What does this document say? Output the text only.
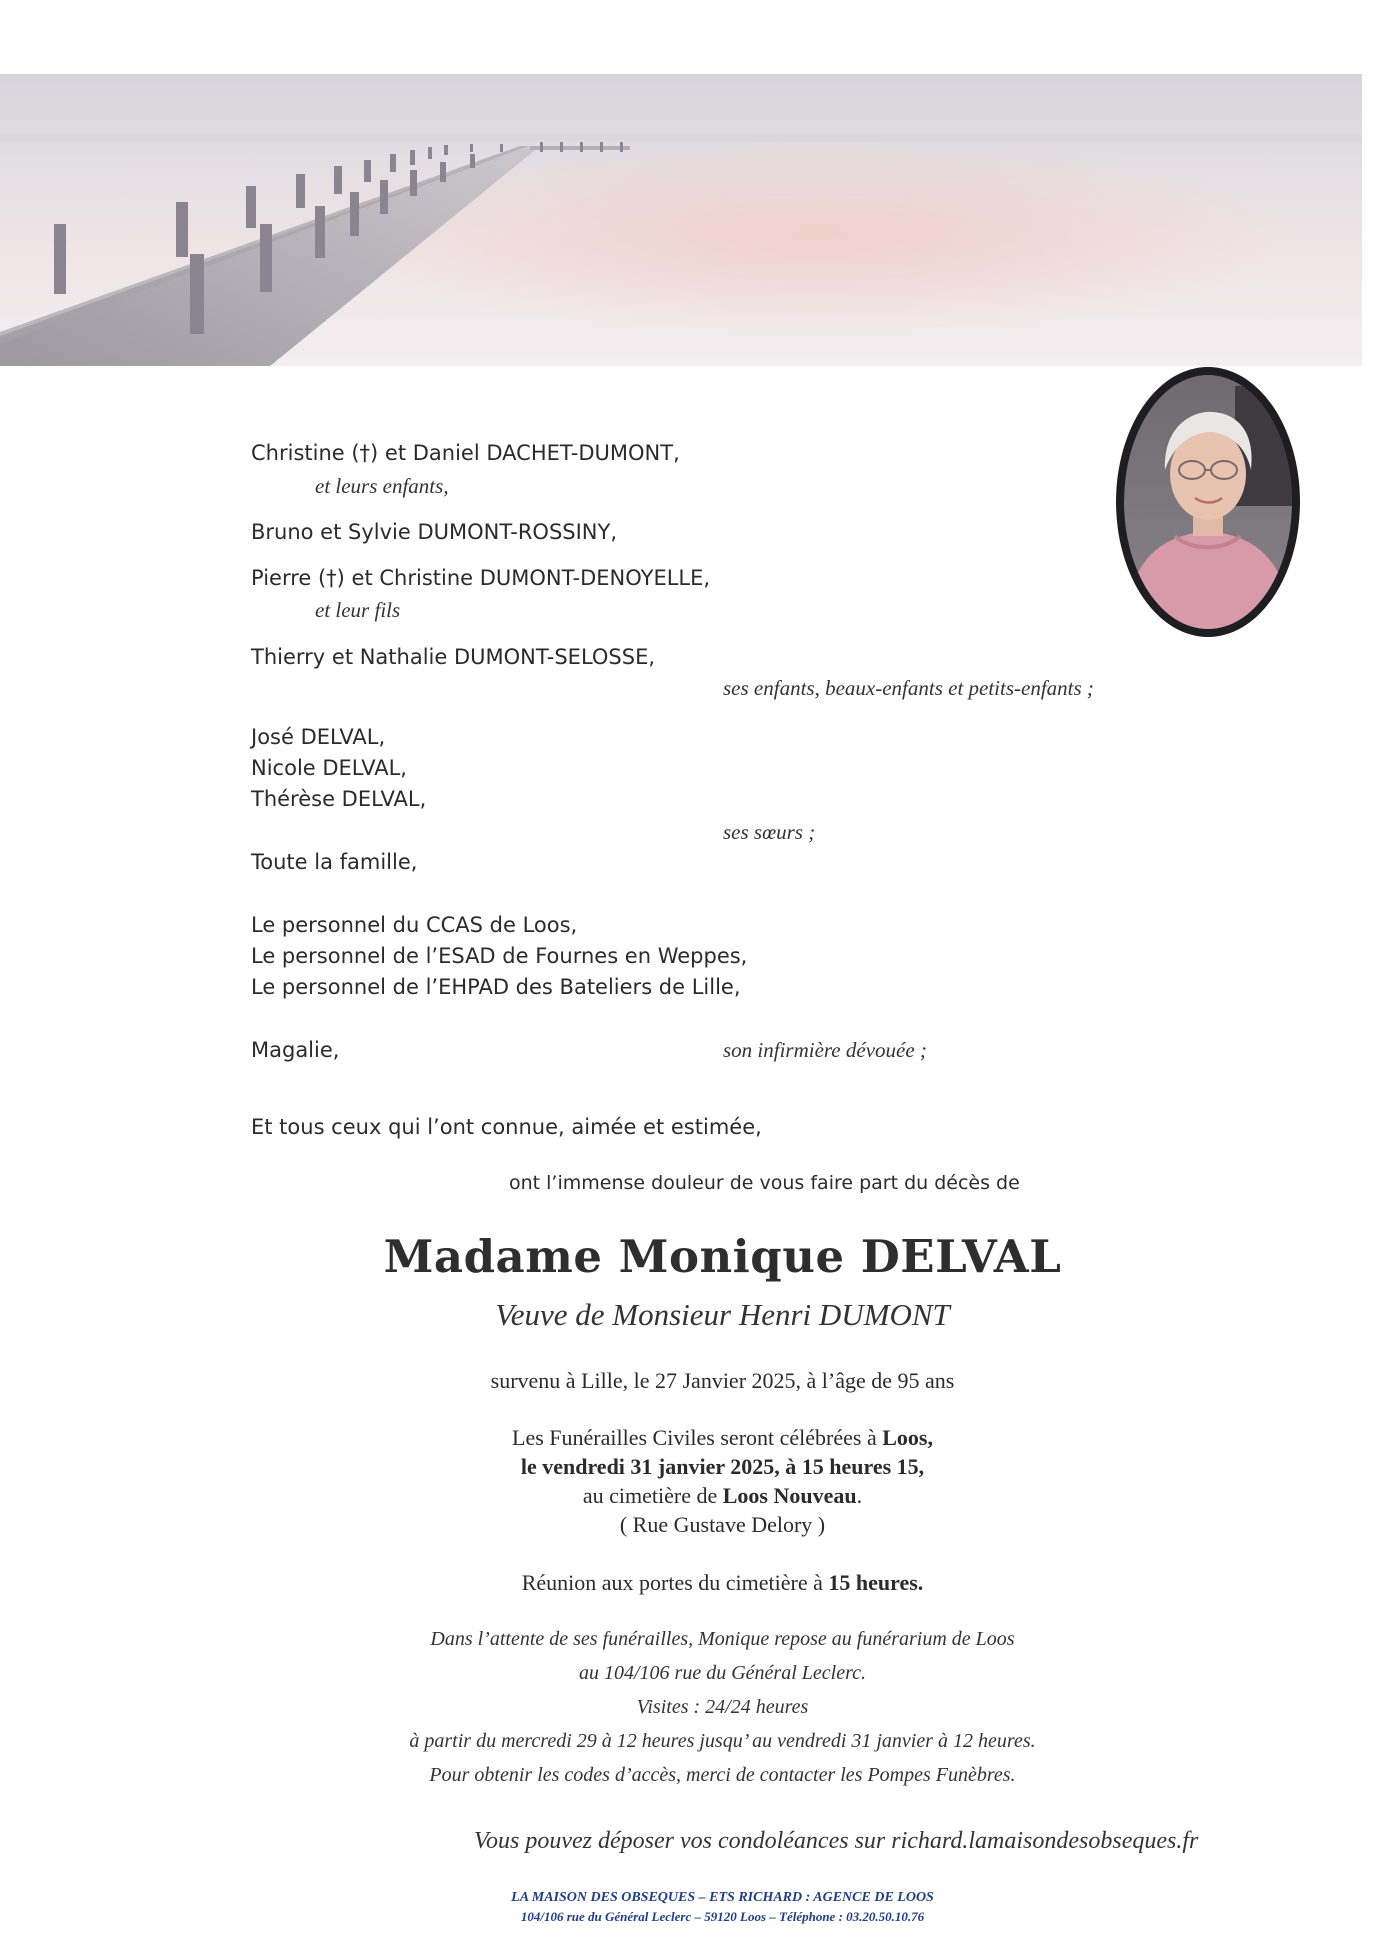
Christine (†) et Daniel DACHET-DUMONT,
et leurs enfants,
Bruno et Sylvie DUMONT-ROSSINY,
Pierre (†) et Christine DUMONT-DENOYELLE,
et leur fils
Thierry et Nathalie DUMONT-SELOSSE,
ses enfants, beaux-enfants et petits-enfants ;
José DELVAL,
Nicole DELVAL,
Thérèse DELVAL,
ses sœurs ;
Toute la famille,
Le personnel du CCAS de Loos,
Le personnel de l’ESAD de Fournes en Weppes,
Le personnel de l’EHPAD des Bateliers de Lille,
Magalie,	son infirmière dévouée ;
Et tous ceux qui l’ont connue, aimée et estimée,
ont l’immense douleur de vous faire part du décès de
Madame Monique DELVAL
Veuve de Monsieur Henri DUMONT
survenu à Lille, le 27 Janvier 2025, à l’âge de 95 ans
Les Funérailles Civiles seront célébrées à Loos,
le vendredi 31 janvier 2025, à 15 heures 15,
au cimetière de Loos Nouveau.
( Rue Gustave Delory )
Réunion aux portes du cimetière à 15 heures.
Dans l’attente de ses funérailles, Monique repose au funérarium de Loos
au 104/106 rue du Général Leclerc.
Visites : 24/24 heures
à partir du mercredi 29 à 12 heures jusqu’ au vendredi 31 janvier à 12 heures.
Pour obtenir les codes d’accès, merci de contacter les Pompes Funèbres.
Vous pouvez déposer vos condoléances sur richard.lamaisondesobseques.fr
LA MAISON DES OBSEQUES – ETS RICHARD : AGENCE DE LOOS
104/106 rue du Général Leclerc – 59120 Loos – Téléphone : 03.20.50.10.76
